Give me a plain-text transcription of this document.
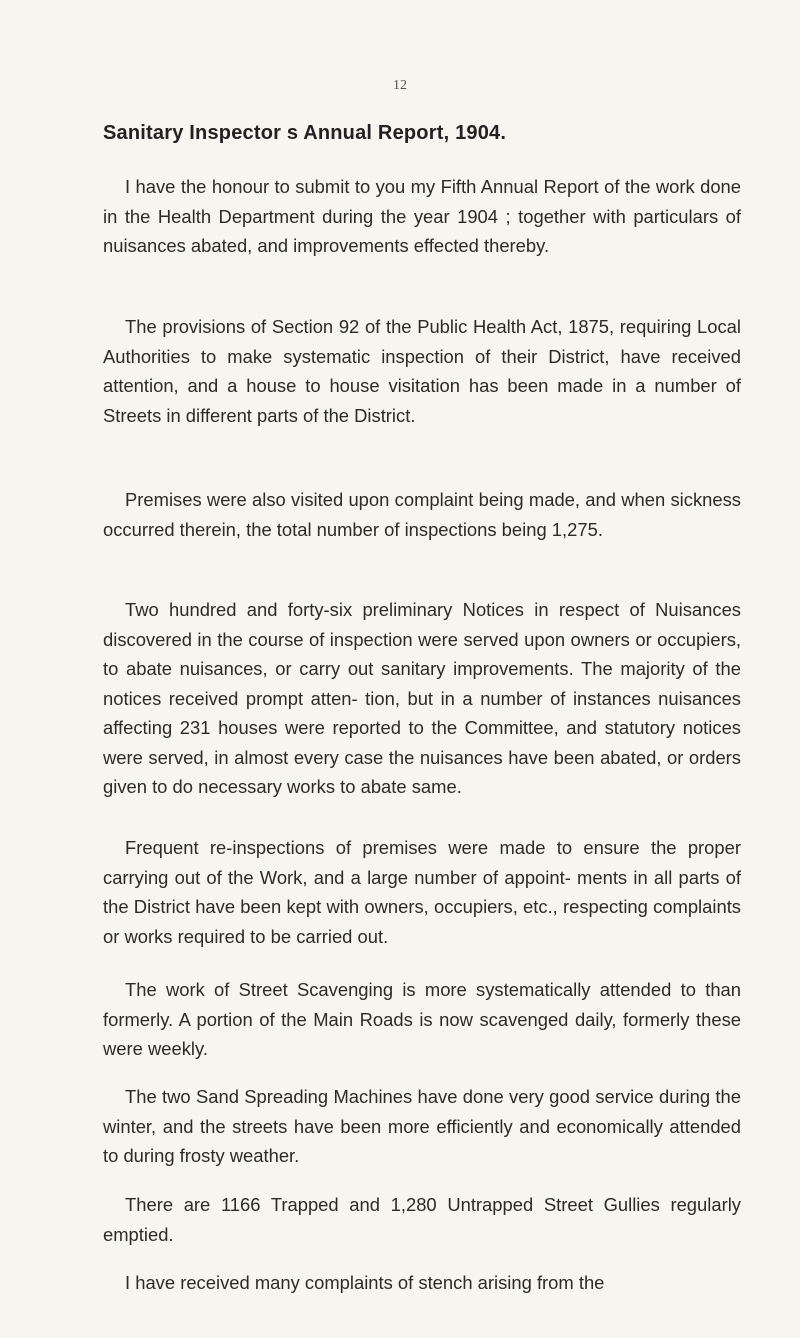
12
Sanitary Inspector s Annual Report, 1904.

I have the honour to submit to you my Fifth Annual Report of the work done in the Health Department during the year 1904 ; together with particulars of nuisances abated, and improvements effected thereby.

The provisions of Section 92 of the Public Health Act, 1875, requiring Local Authorities to make systematic inspection of their District, have received attention, and a house to house visitation has been made in a number of Streets in different parts of the District.

Premises were also visited upon complaint being made, and when sickness occurred therein, the total number of inspections being 1,275.

Two hundred and forty-six preliminary Notices in respect of Nuisances discovered in the course of inspection were served upon owners or occupiers, to abate nuisances, or carry out sanitary improvements. The majority of the notices received prompt atten- tion, but in a number of instances nuisances affecting 231 houses were reported to the Committee, and statutory notices were served, in almost every case the nuisances have been abated, or orders given to do necessary works to abate same.

Frequent re-inspections of premises were made to ensure the proper carrying out of the Work, and a large number of appoint- ments in all parts of the District have been kept with owners, occupiers, etc., respecting complaints or works required to be carried out.

The work of Street Scavenging is more systematically attended to than formerly. A portion of the Main Roads is now scavenged daily, formerly these were weekly.

The two Sand Spreading Machines have done very good service during the winter, and the streets have been more efficiently and economically attended to during frosty weather.

There are 1166 Trapped and 1,280 Untrapped Street Gullies regularly emptied.

I have received many complaints of stench arising from the
